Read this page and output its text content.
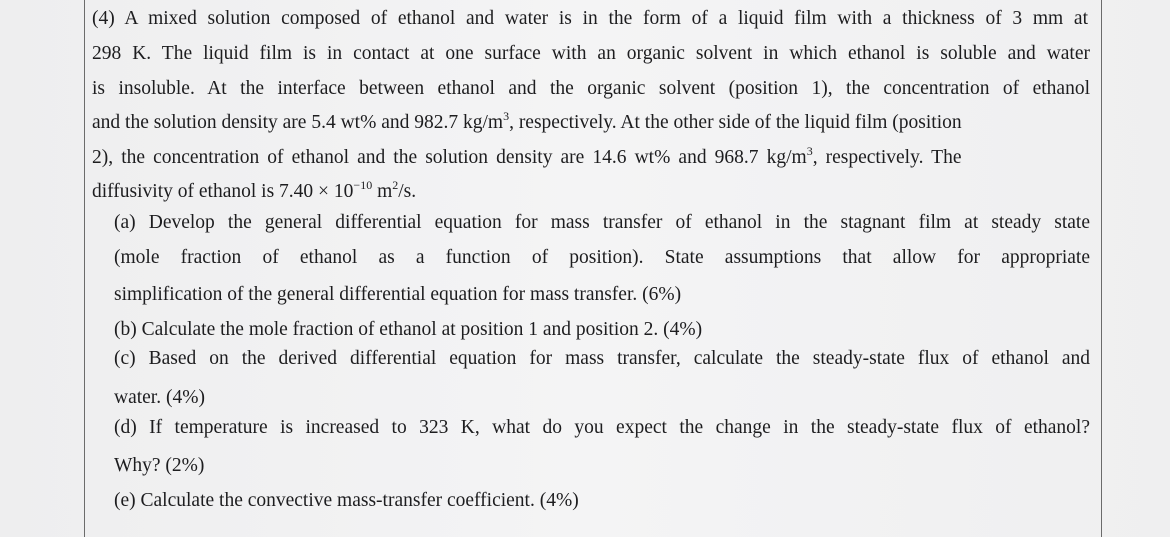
(4) A mixed solution composed of ethanol and water is in the form of a liquid film with a thickness of 3 mm at
298 K. The liquid film is in contact at one surface with an organic solvent in which ethanol is soluble and water
is insoluble. At the interface between ethanol and the organic solvent (position 1), the concentration of ethanol
and the solution density are 5.4 wt% and 982.7 $kg/m^3$, respectively. At the other side of the liquid film (position
2), the concentration of ethanol and the solution density are 14.6 wt% and 968.7 $kg/m^3$, respectively. The
diffusivity of ethanol is $7.40 \times 10^{-10}$ $m^2/s$.
(a) Develop the general differential equation for mass transfer of ethanol in the stagnant film at steady state
(mole fraction of ethanol as a function of position). State assumptions that allow for appropriate
simplification of the general differential equation for mass transfer. (6%)
(b) Calculate the mole fraction of ethanol at position 1 and position 2. (4%)
(c) Based on the derived differential equation for mass transfer, calculate the steady-state flux of ethanol and
water. (4%)
(d) If temperature is increased to 323 K, what do you expect the change in the steady-state flux of ethanol?
Why? (2%)
(e) Calculate the convective mass-transfer coefficient. (4%)
